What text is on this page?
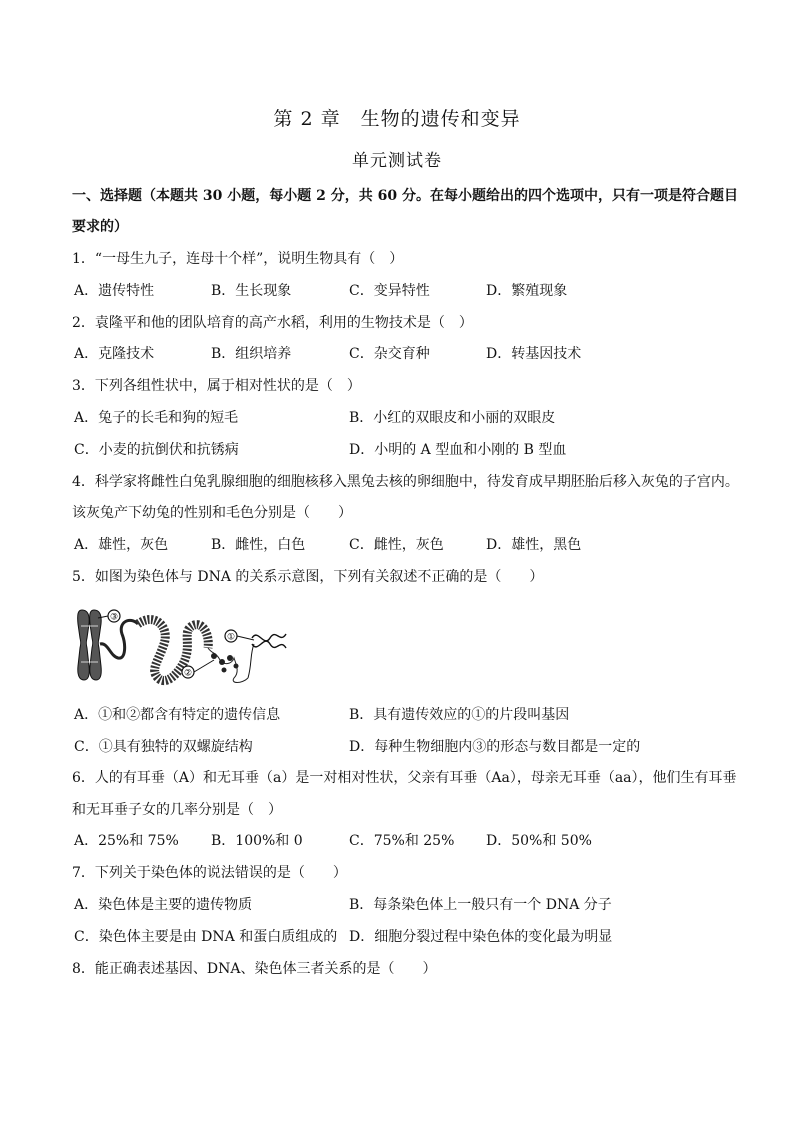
第 2 章　生物的遗传和变异
单元测试卷
一、选择题（本题共 30 小题，每小题 2 分，共 60 分。在每小题给出的四个选项中，只有一项是符合题目
要求的）
1．“一母生九子，连母十个样”，说明生物具有（　）
A．遗传特性	B．生长现象	C．变异特性	D．繁殖现象
2．袁隆平和他的团队培育的高产水稻，利用的生物技术是（　）
A．克隆技术	B．组织培养	C．杂交育种	D．转基因技术
3．下列各组性状中，属于相对性状的是（　）
A．兔子的长毛和狗的短毛	B．小红的双眼皮和小丽的双眼皮
C．小麦的抗倒伏和抗锈病	D．小明的 A 型血和小刚的 B 型血
4．科学家将雌性白兔乳腺细胞的细胞核移入黑兔去核的卵细胞中，待发育成早期胚胎后移入灰兔的子宫内。
该灰兔产下幼兔的性别和毛色分别是（　　）
A．雄性，灰色	B．雌性，白色	C．雌性，灰色	D．雄性，黑色
5．如图为染色体与 DNA 的关系示意图，下列有关叙述不正确的是（　　）
③
①
②
A．①和②都含有特定的遗传信息	B．具有遗传效应的①的片段叫基因
C．①具有独特的双螺旋结构	D．每种生物细胞内③的形态与数目都是一定的
6．人的有耳垂（A）和无耳垂（a）是一对相对性状，父亲有耳垂（Aa），母亲无耳垂（aa），他们生有耳垂
和无耳垂子女的几率分别是（　）
A．25%和 75% B．100%和 0	C．75%和 25% D．50%和 50%
7．下列关于染色体的说法错误的是（　　）
A．染色体是主要的遗传物质	B．每条染色体上一般只有一个 DNA 分子
C．染色体主要是由 DNA 和蛋白质组成的 D．细胞分裂过程中染色体的变化最为明显
8．能正确表述基因、DNA、染色体三者关系的是（　　）
